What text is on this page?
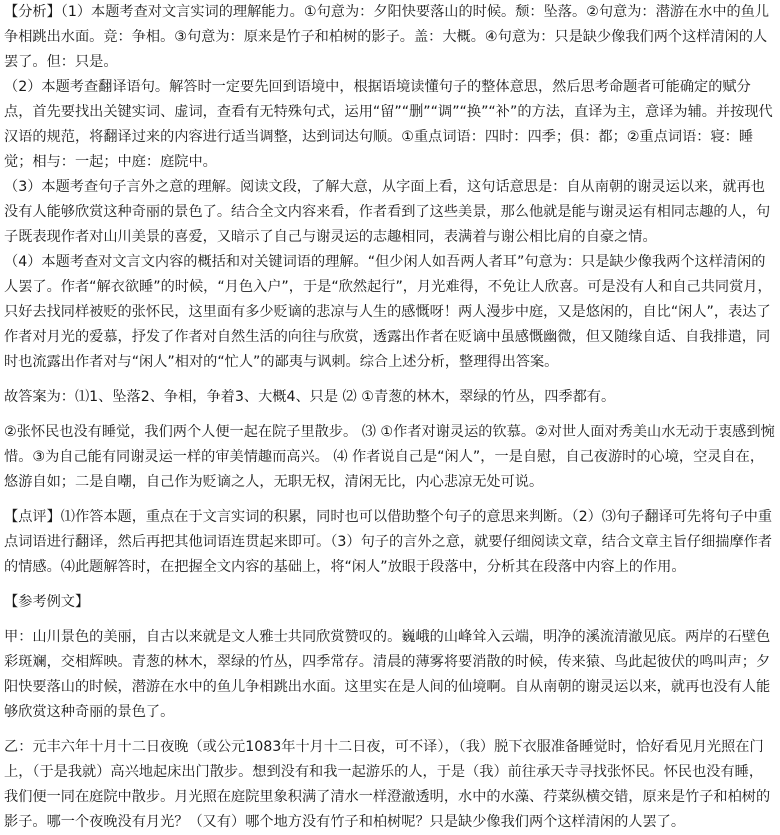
【分析】（1）本题考查对文言实词的理解能力。①句意为：夕阳快要落山的时候。颓：坠落。②句意为：潜游在水中的鱼儿争相跳出水面。竞：争相。③句意为：原来是竹子和柏树的影子。盖：大概。④句意为：只是缺少像我们两个这样清闲的人罢了。但：只是。

（2）本题考查翻译语句。解答时一定要先回到语境中，根据语境读懂句子的整体意思，然后思考命题者可能确定的赋分点，首先要找出关键实词、虚词，查看有无特殊句式，运用“留”“删”“调”“换”“补”的方法，直译为主，意译为辅。并按现代汉语的规范，将翻译过来的内容进行适当调整，达到词达句顺。①重点词语：四时：四季；俱：都；②重点词语：寝：睡觉；相与：一起；中庭：庭院中。

（3）本题考查句子言外之意的理解。阅读文段，了解大意，从字面上看，这句话意思是：自从南朝的谢灵运以来，就再也没有人能够欣赏这种奇丽的景色了。结合全文内容来看，作者看到了这些美景，那么他就是能与谢灵运有相同志趣的人，句子既表现作者对山川美景的喜爱，又暗示了自己与谢灵运的志趣相同，表满着与谢公相比肩的自豪之情。

（4）本题考查对文言文内容的概括和对关键词语的理解。“但少闲人如吾两人者耳”句意为：只是缺少像我两个这样清闲的人罢了。作者“解衣欲睡”的时候，“月色入户”，于是“欣然起行”，月光难得，不免让人欣喜。可是没有人和自己共同赏月，只好去找同样被贬的张怀民，这里面有多少贬谪的悲凉与人生的感慨呀！两人漫步中庭，又是悠闲的，自比“闲人”，表达了作者对月光的爱慕，抒发了作者对自然生活的向往与欣赏，透露出作者在贬谪中虽感慨幽微，但又随缘自适、自我排遣，同时也流露出作者对与“闲人”相对的“忙人”的鄙夷与讽刺。综合上述分析，整理得出答案。

故答案为：⑴1、坠落2、争相，争着3、大概4、只是 ⑵ ①青葱的林木，翠绿的竹丛，四季都有。

②张怀民也没有睡觉，我们两个人便一起在院子里散步。 ⑶ ①作者对谢灵运的钦慕。②对世人面对秀美山水无动于衷感到惋惜。③为自己能有同谢灵运一样的审美情趣而高兴。 ⑷ 作者说自己是“闲人”，一是自慰，自己夜游时的心境，空灵自在，悠游自如；二是自嘲，自己作为贬谪之人，无职无权，清闲无比，内心悲凉无处可说。

【点评】⑴作答本题，重点在于文言实词的积累，同时也可以借助整个句子的意思来判断。（2）⑶句子翻译可先将句子中重点词语进行翻译，然后再把其他词语连贯起来即可。（3）句子的言外之意，就要仔细阅读文章，结合文章主旨仔细揣摩作者的情感。⑷此题解答时，在把握全文内容的基础上，将“闲人”放眼于段落中，分析其在段落中内容上的作用。

【参考例文】

甲：山川景色的美丽，自古以来就是文人雅士共同欣赏赞叹的。巍峨的山峰耸入云端，明净的溪流清澈见底。两岸的石壁色彩斑斓，交相辉映。青葱的林木，翠绿的竹丛，四季常存。清晨的薄雾将要消散的时候，传来猿、鸟此起彼伏的鸣叫声；夕阳快要落山的时候，潜游在水中的鱼儿争相跳出水面。这里实在是人间的仙境啊。自从南朝的谢灵运以来，就再也没有人能够欣赏这种奇丽的景色了。

乙：元丰六年十月十二日夜晚（或公元1083年十月十二日夜，可不译），（我）脱下衣服准备睡觉时，恰好看见月光照在门上，（于是我就）高兴地起床出门散步。想到没有和我一起游乐的人，于是（我）前往承天寺寻找张怀民。怀民也没有睡，我们便一同在庭院中散步。月光照在庭院里象积满了清水一样澄澈透明，水中的水藻、荇菜纵横交错，原来是竹子和柏树的影子。哪一个夜晚没有月光？（又有）哪个地方没有竹子和柏树呢？只是缺少像我们两个这样清闲的人罢了。
